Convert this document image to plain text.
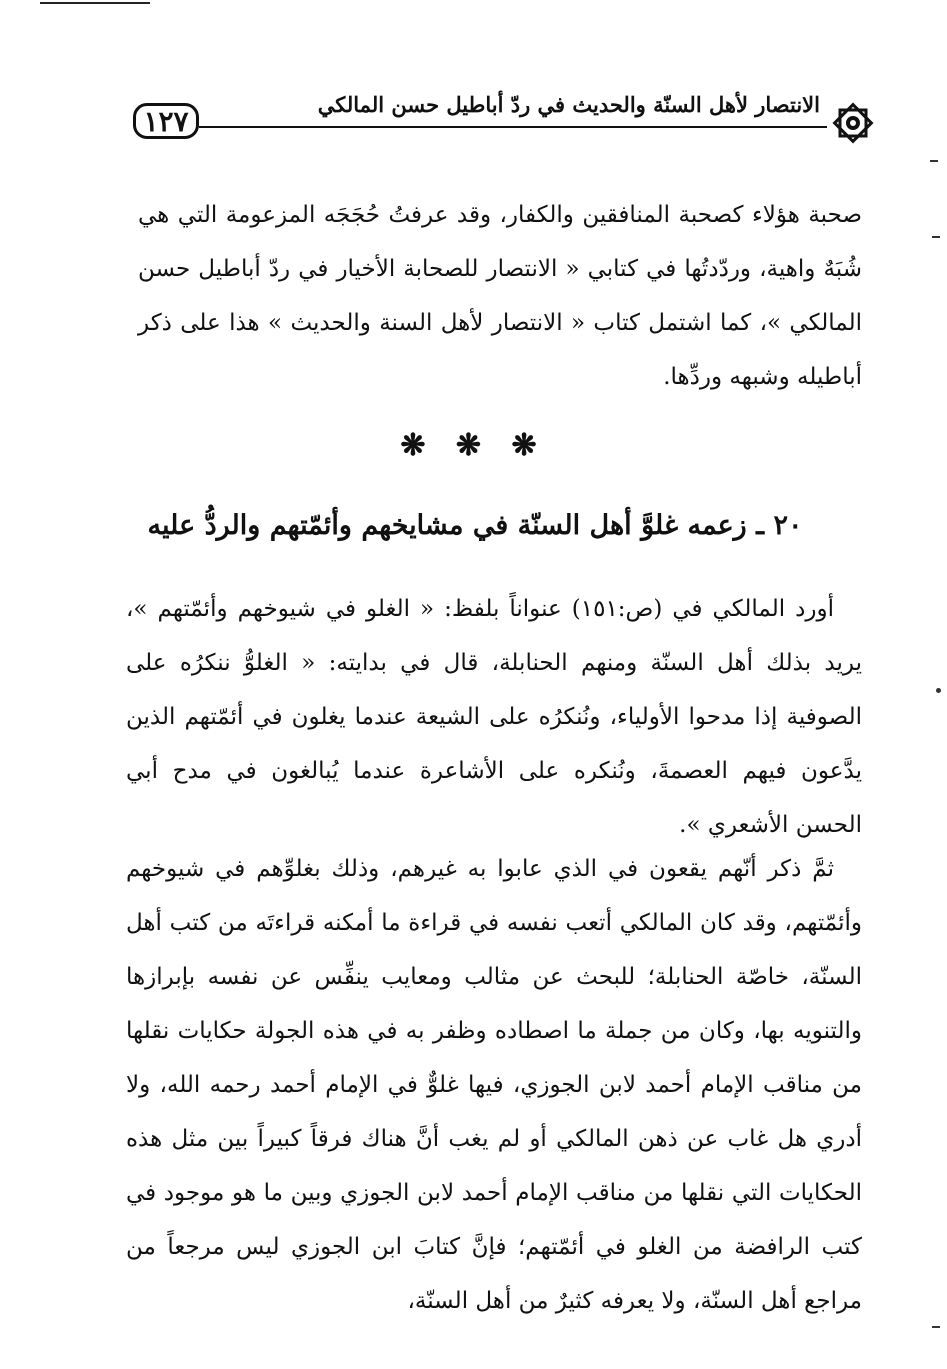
١٢٧	الانتصار لأهل السنّة والحديث في ردّ أباطيل حسن المالكي

صحبة هؤلاء كصحبة المنافقين والكفار، وقد عرفتُ حُجَجَه المزعومة التي هي شُبَهٌ واهية، وردّدتُها في كتابي « الانتصار للصحابة الأخيار في ردّ أباطيل حسن المالكي »، كما اشتمل كتاب « الانتصار لأهل السنة والحديث » هذا على ذكر أباطيله وشبهه وردِّها.

❋ ❋ ❋
٢٠ ـ زعمه غلوَّ أهل السنّة في مشايخهم وأئمّتهم والردُّ عليه

أورد المالكي في (ص:١٥١) عنواناً بلفظ: « الغلو في شيوخهم وأئمّتهم »، يريد بذلك أهل السنّة ومنهم الحنابلة، قال في بدايته: « الغلوُّ ننكرُه على الصوفية إذا مدحوا الأولياء، ونُنكرُه على الشيعة عندما يغلون في أئمّتهم الذين يدَّعون فيهم العصمةَ، ونُنكره على الأشاعرة عندما يُبالغون في مدح أبي الحسن الأشعري ».

ثمَّ ذكر أنّهم يقعون في الذي عابوا به غيرهم، وذلك بغلوِّهم في شيوخهم وأئمّتهم، وقد كان المالكي أتعب نفسه في قراءة ما أمكنه قراءتَه من كتب أهل السنّة، خاصّة الحنابلة؛ للبحث عن مثالب ومعايب ينفِّس عن نفسه بإبرازها والتنويه بها، وكان من جملة ما اصطاده وظفر به في هذه الجولة حكايات نقلها من مناقب الإمام أحمد لابن الجوزي، فيها غلوٌّ في الإمام أحمد رحمه الله، ولا أدري هل غاب عن ذهن المالكي أو لم يغب أنَّ هناك فرقاً كبيراً بين مثل هذه الحكايات التي نقلها من مناقب الإمام أحمد لابن الجوزي وبين ما هو موجود في كتب الرافضة من الغلو في أئمّتهم؛ فإنَّ كتابَ ابن الجوزي ليس مرجعاً من مراجع أهل السنّة، ولا يعرفه كثيرٌ من أهل السنّة،
